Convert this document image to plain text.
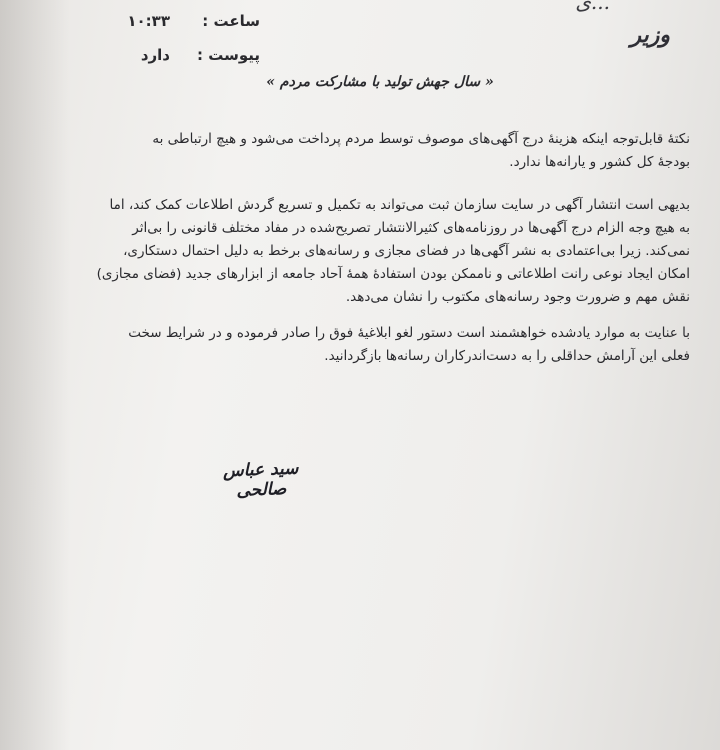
...ی
وزیر
ساعت :
۱۰:۳۳
پیوست :
دارد
« سال جهش تولید با مشارکت مردم »

نکتۀ قابل‌توجه اینکه هزینۀ درج آگهی‌های موصوف توسط مردم پرداخت می‌شود و هیچ ارتباطی به

بودجۀ کل کشور و یارانه‌ها ندارد.

بدیهی است انتشار آگهی در سایت سازمان ثبت می‌تواند به تکمیل و تسریع گردش اطلاعات کمک کند، اما

به هیچ وجه الزام درج آگهی‌ها در روزنامه‌های کثیرالانتشار تصریح‌شده در مفاد مختلف قانونی را بی‌اثر

نمی‌کند. زیرا بی‌اعتمادی به نشر آگهی‌ها در فضای مجازی و رسانه‌های برخط به دلیل احتمال دستکاری،

امکان ایجاد نوعی رانت اطلاعاتی و ناممکن بودن استفادۀ همۀ آحاد جامعه از ابزارهای جدید (فضای مجازی)

نقش مهم و ضرورت وجود رسانه‌های مکتوب را نشان می‌دهد.

با عنایت به موارد یادشده خواهشمند است دستور لغو ابلاغیۀ فوق را صادر فرموده و در شرایط سخت

فعلی این آرامش حداقلی را به دست‌اندرکاران رسانه‌ها بازگردانید.

سید عباس صالحی
